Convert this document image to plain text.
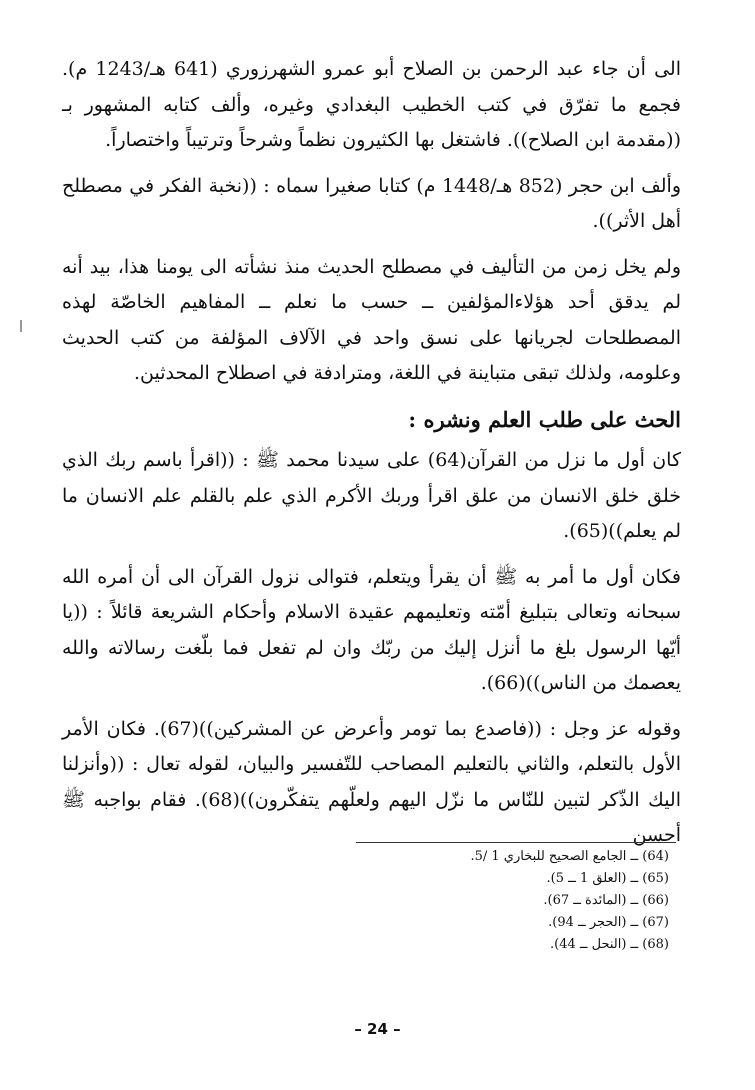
الى أن جاء عبد الرحمن بن الصلاح أبو عمرو الشهرزوري (641 هـ/1243 م). فجمع ما تفرّق في كتب الخطيب البغدادي وغيره، وألف كتابه المشهور بـ ((مقدمة ابن الصلاح)). فاشتغل بها الكثيرون نظماً وشرحاً وترتيباً واختصاراً.

وألف ابن حجر (852 هـ/1448 م) كتابا صغيرا سماه : ((نخبة الفكر في مصطلح أهل الأثر)).

ولم يخل زمن من التأليف في مصطلح الحديث منذ نشأته الى يومنا هذا، بيد أنه لم يدقق أحد هؤلاءالمؤلفين ــ حسب ما نعلم ــ المفاهيم الخاصّة لهذه المصطلحات لجريانها على نسق واحد في الآلاف المؤلفة من كتب الحديث وعلومه، ولذلك تبقى متباينة في اللغة، ومترادفة في اصطلاح المحدثين.

الحث على طلب العلم ونشره :

كان أول ما نزل من القرآن(64) على سيدنا محمد ﷺ : ((اقرأ باسم ربك الذي خلق خلق الانسان من علق اقرأ وربك الأكرم الذي علم بالقلم علم الانسان ما لم يعلم))(65).

فكان أول ما أمر به ﷺ أن يقرأ ويتعلم، فتوالى نزول القرآن الى أن أمره الله سبحانه وتعالى بتبليغ أمّته وتعليمهم عقيدة الاسلام وأحكام الشريعة قائلاً : ((يا أيّها الرسول بلغ ما أنزل إليك من ربّك وان لم تفعل فما بلّغت رسالاته والله يعصمك من الناس))(66).

وقوله عز وجل : ((فاصدع بما تومر وأعرض عن المشركين))(67). فكان الأمر الأول بالتعلم، والثاني بالتعليم المصاحب للتّفسير والبيان، لقوله تعال : ((وأنزلنا اليك الذّكر لتبين للنّاس ما نزّل اليهم ولعلّهم يتفكّرون))(68). فقام بواجبه ﷺ أحسن

(64) ــ الجامع الصحيح للبخاري 1 /5.
(65) ــ (العلق 1 ــ 5).
(66) ــ (المائدة ــ 67).
(67) ــ (الحجر ــ 94).
(68) ــ (النحل ــ 44).
– 24 –
